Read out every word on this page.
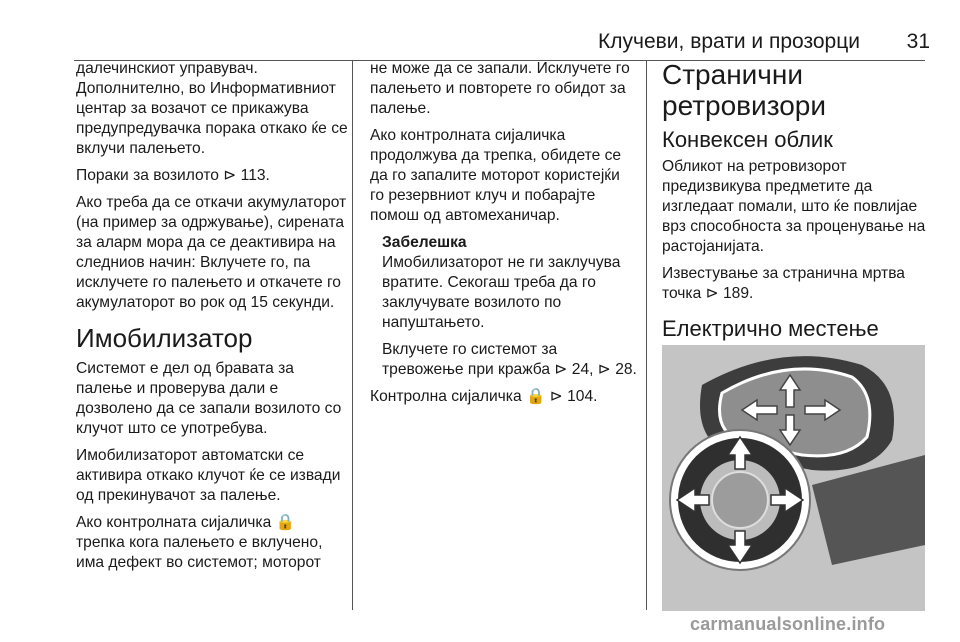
Клучеви, врати и прозорци	31

далечинскиот управувач. Дополнително, во Информативниот центар за возачот се прикажува предупредувачка порака откако ќе се вклучи палењето.

Пораки за возилото ⊳ 113.

Ако треба да се откачи акумулаторот (на пример за одржување), сирената за аларм мора да се деактивира на следниов начин: Вклучете го, па исклучете го палењето и откачете го акумулаторот во рок од 15 секунди.

Имобилизатор

Системот е дел од бравата за палење и проверува дали е дозволено да се запали возилото со клучот што се употребува.

Имобилизаторот автоматски се активира откако клучот ќе се извади од прекинувачот за палење.

Ако контролната сијаличка 🔒 трепка кога палењето е вклучено, има дефект во системот; моторот

не може да се запали. Исклучете го палењето и повторете го обидот за палење.

Ако контролната сијаличка продолжува да трепка, обидете се да го запалите моторот користејќи го резервниот клуч и побарајте помош од автомеханичар.

Забелешка

Имобилизаторот не ги заклучува вратите. Секогаш треба да го заклучувате возилото по напуштањето.

Вклучете го системот за тревожење при кражба ⊳ 24, ⊳ 28.

Контролна сијаличка 🔒 ⊳ 104.

Странични ретровизори
Конвексен облик

Обликот на ретровизорот предизвикува предметите да изгледаат помали, што ќе повлијае врз способноста за проценување на растојанијата.

Известување за странична мртва точка ⊳ 189.

Електрично местење
carmanualsonline.info
